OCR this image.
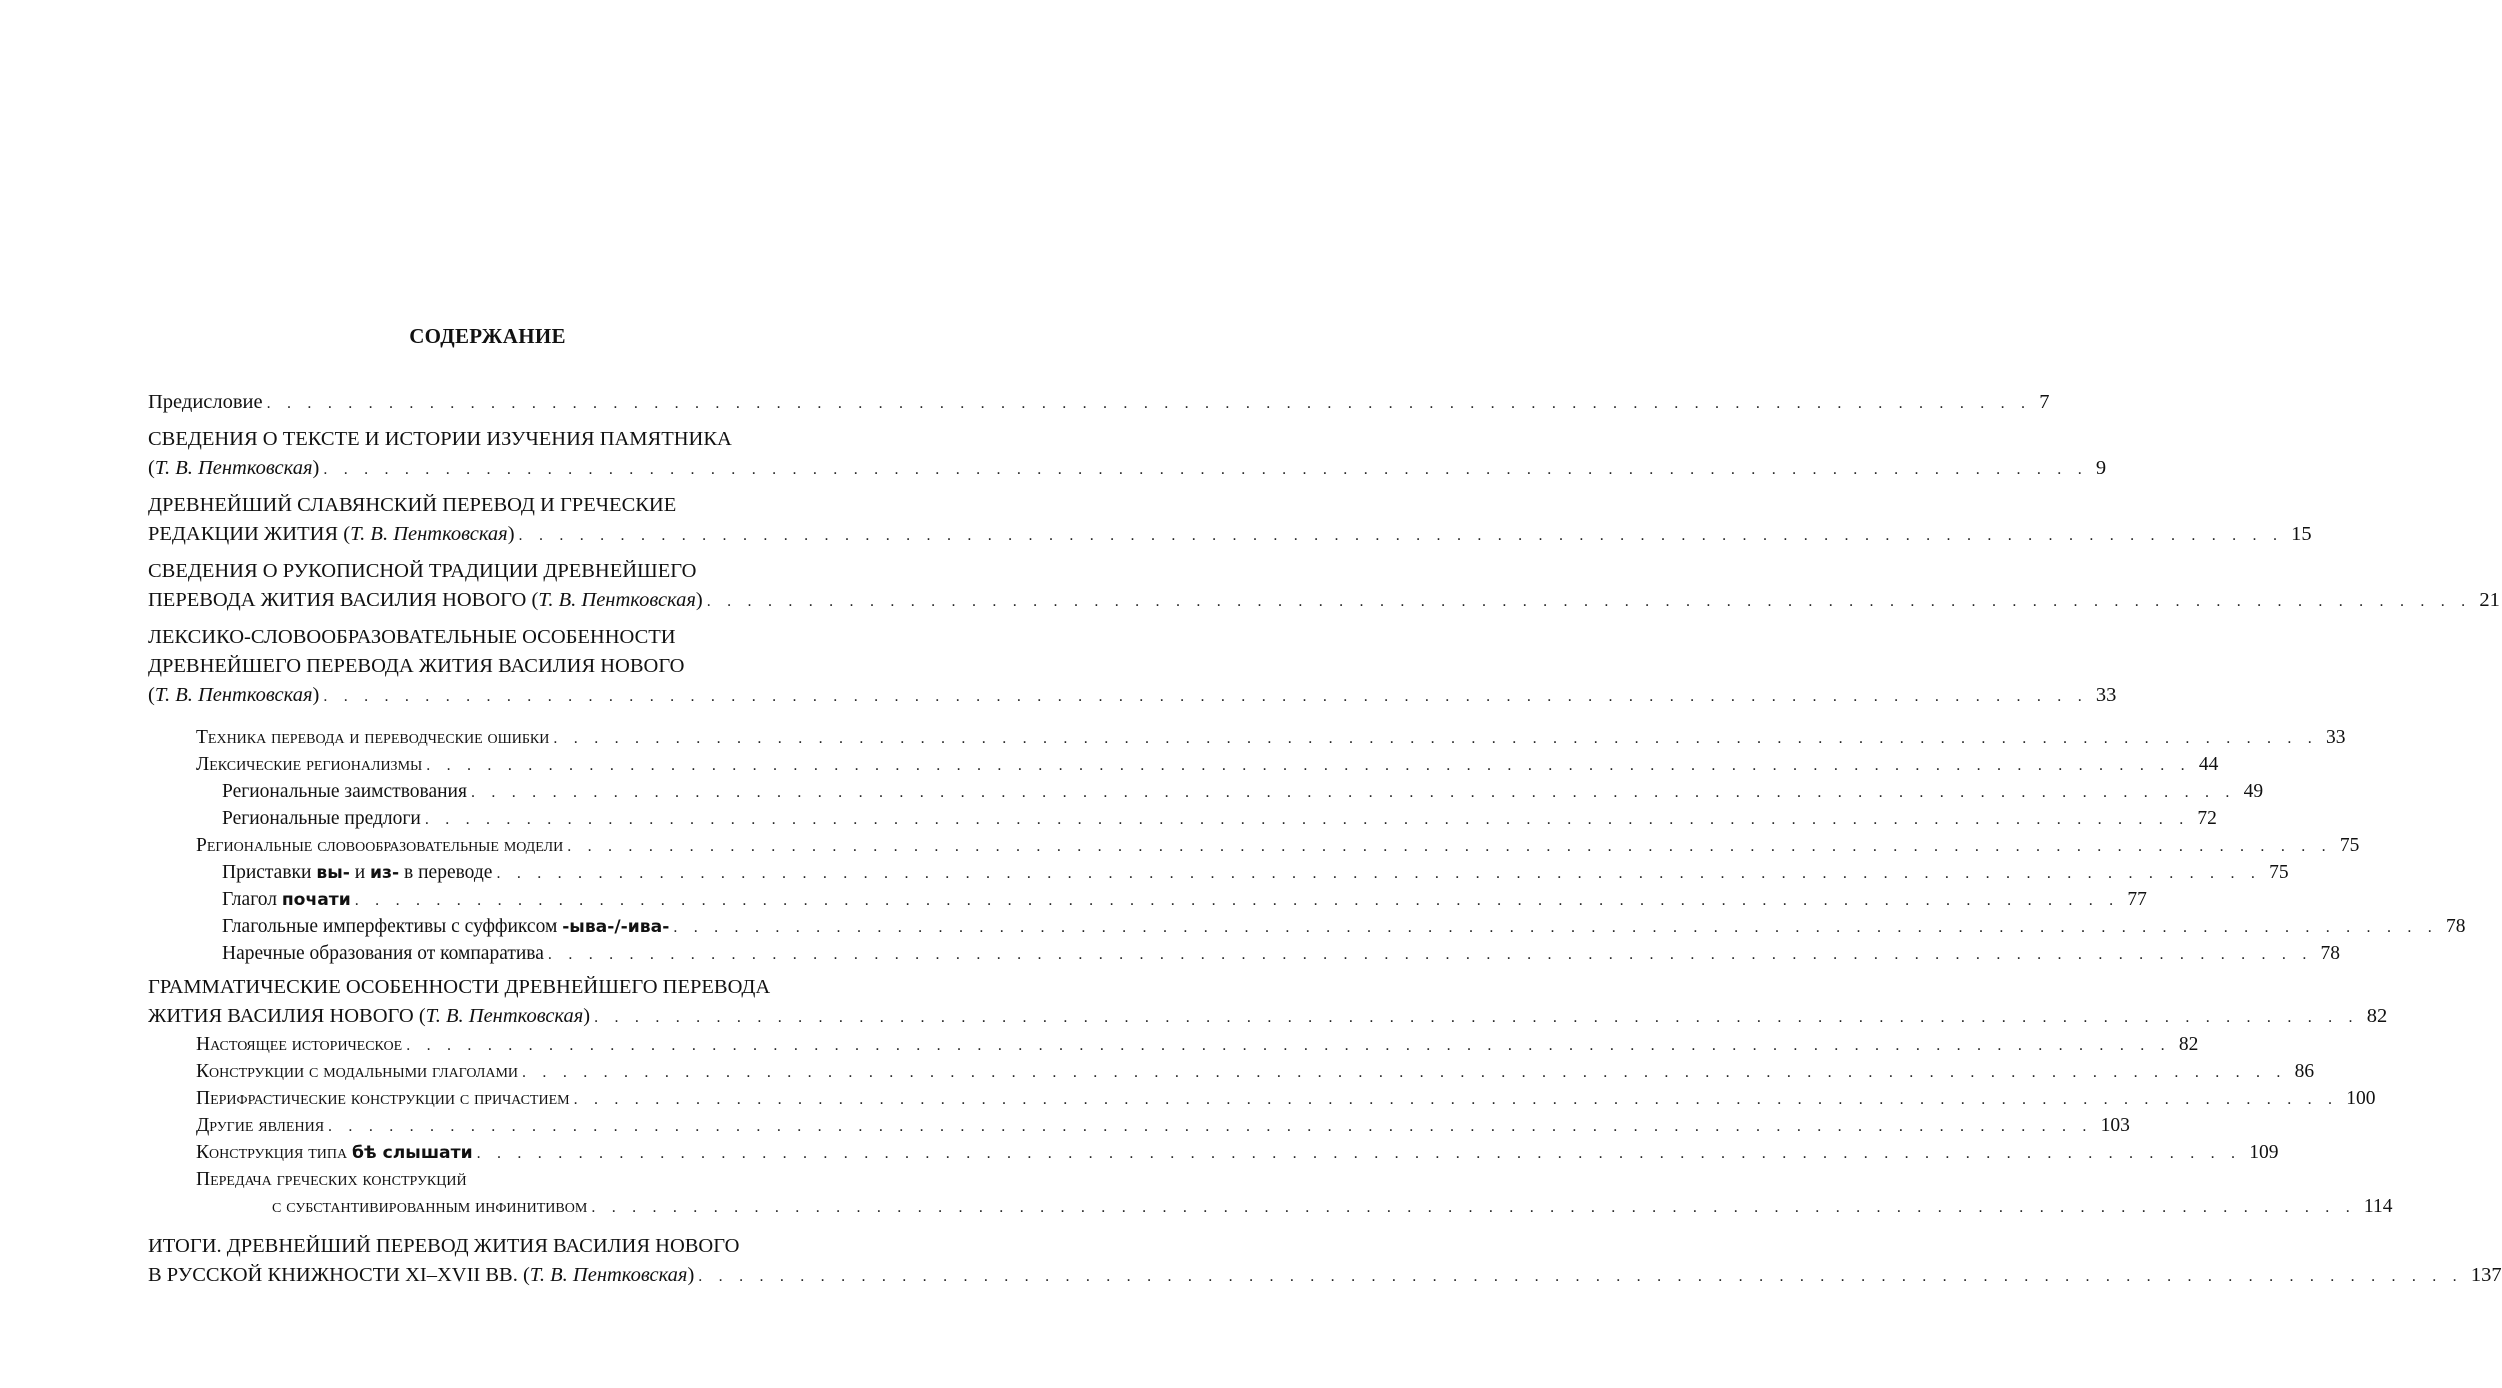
СОДЕРЖАНИЕ
Предисловие . . . . . . . . . . . . . . . . . . . . . . . . . . . . . . . . . . . . . . . . . . . . . . . . . . . . . . . . . . . . . . . . . . . . . . . . . . . . . . . . . . . . . . . 7
СВЕДЕНИЯ О ТЕКСТЕ И ИСТОРИИ ИЗУЧЕНИЯ ПАМЯТНИКА
(Т. В. Пентковская) . . . . . . . . . . . . . . . . . . . . . . . . . . . . . . . . . . . . . . . . . . . . . . . . . . . . . . . . . . . . . . . . . . . . . . . . . . . . . . . . . . . . . . . 9
ДРЕВНЕЙШИЙ СЛАВЯНСКИЙ ПЕРЕВОД И ГРЕЧЕСКИЕ
РЕДАКЦИИ ЖИТИЯ (Т. В. Пентковская) . . . . . . . . . . . . . . . . . . . . . . . . . . . . . . . . . . . . . . . . . . . . . . . . . . . . . . . . . . . . . . . . . . . . . . . . . . . . . . . . . . . . . . . 15
СВЕДЕНИЯ О РУКОПИСНОЙ ТРАДИЦИИ ДРЕВНЕЙШЕГО
ПЕРЕВОДА ЖИТИЯ ВАСИЛИЯ НОВОГО (Т. В. Пентковская) . . . . . . . . . . . . . . . . . . . . . . . . . . . . . . . . . . . . . . . . . . . . . . . . . . . . . . . . . . . . . . . . . . . . . . . . . . . . . . . . . . . . . . . 21
ЛЕКСИКО-СЛОВООБРАЗОВАТЕЛЬНЫЕ ОСОБЕННОСТИ
ДРЕВНЕЙШЕГО ПЕРЕВОДА ЖИТИЯ ВАСИЛИЯ НОВОГО
(Т. В. Пентковская) . . . . . . . . . . . . . . . . . . . . . . . . . . . . . . . . . . . . . . . . . . . . . . . . . . . . . . . . . . . . . . . . . . . . . . . . . . . . . . . . . . . . . . . 33
Техника перевода и переводческие ошибки . . . . . . . . . . . . . . . . . . . . . . . . . . . . . . . . . . . . . . . . . . . . . . . . . . . . . . . . . . . . . . . . . . . . . . . . . . . . . . . . . . . . . . . 33
Лексические регионализмы . . . . . . . . . . . . . . . . . . . . . . . . . . . . . . . . . . . . . . . . . . . . . . . . . . . . . . . . . . . . . . . . . . . . . . . . . . . . . . . . . . . . . . . 44
Региональные заимствования . . . . . . . . . . . . . . . . . . . . . . . . . . . . . . . . . . . . . . . . . . . . . . . . . . . . . . . . . . . . . . . . . . . . . . . . . . . . . . . . . . . . . . . 49
Региональные предлоги . . . . . . . . . . . . . . . . . . . . . . . . . . . . . . . . . . . . . . . . . . . . . . . . . . . . . . . . . . . . . . . . . . . . . . . . . . . . . . . . . . . . . . . 72
Региональные словообразовательные модели . . . . . . . . . . . . . . . . . . . . . . . . . . . . . . . . . . . . . . . . . . . . . . . . . . . . . . . . . . . . . . . . . . . . . . . . . . . . . . . . . . . . . . . 75
Приставки вы- и из- в переводе . . . . . . . . . . . . . . . . . . . . . . . . . . . . . . . . . . . . . . . . . . . . . . . . . . . . . . . . . . . . . . . . . . . . . . . . . . . . . . . . . . . . . . . 75
Глагол почати . . . . . . . . . . . . . . . . . . . . . . . . . . . . . . . . . . . . . . . . . . . . . . . . . . . . . . . . . . . . . . . . . . . . . . . . . . . . . . . . . . . . . . . 77
Глагольные имперфективы с суффиксом -ыва-/-ива- . . . . . . . . . . . . . . . . . . . . . . . . . . . . . . . . . . . . . . . . . . . . . . . . . . . . . . . . . . . . . . . . . . . . . . . . . . . . . . . . . . . . . . . 78
Наречные образования от компаратива . . . . . . . . . . . . . . . . . . . . . . . . . . . . . . . . . . . . . . . . . . . . . . . . . . . . . . . . . . . . . . . . . . . . . . . . . . . . . . . . . . . . . . . 78
ГРАММАТИЧЕСКИЕ ОСОБЕННОСТИ ДРЕВНЕЙШЕГО ПЕРЕВОДА
ЖИТИЯ ВАСИЛИЯ НОВОГО (Т. В. Пентковская) . . . . . . . . . . . . . . . . . . . . . . . . . . . . . . . . . . . . . . . . . . . . . . . . . . . . . . . . . . . . . . . . . . . . . . . . . . . . . . . . . . . . . . . 82
Настоящее историческое . . . . . . . . . . . . . . . . . . . . . . . . . . . . . . . . . . . . . . . . . . . . . . . . . . . . . . . . . . . . . . . . . . . . . . . . . . . . . . . . . . . . . . . 82
Конструкции с модальными глаголами . . . . . . . . . . . . . . . . . . . . . . . . . . . . . . . . . . . . . . . . . . . . . . . . . . . . . . . . . . . . . . . . . . . . . . . . . . . . . . . . . . . . . . . 86
Перифрастические конструкции с причастием . . . . . . . . . . . . . . . . . . . . . . . . . . . . . . . . . . . . . . . . . . . . . . . . . . . . . . . . . . . . . . . . . . . . . . . . . . . . . . . . . . . . . . . 100
Другие явления . . . . . . . . . . . . . . . . . . . . . . . . . . . . . . . . . . . . . . . . . . . . . . . . . . . . . . . . . . . . . . . . . . . . . . . . . . . . . . . . . . . . . . . 103
Конструкция типа бѣ слышати . . . . . . . . . . . . . . . . . . . . . . . . . . . . . . . . . . . . . . . . . . . . . . . . . . . . . . . . . . . . . . . . . . . . . . . . . . . . . . . . . . . . . . . 109
Передача греческих конструкций
с субстантивированным инфинитивом . . . . . . . . . . . . . . . . . . . . . . . . . . . . . . . . . . . . . . . . . . . . . . . . . . . . . . . . . . . . . . . . . . . . . . . . . . . . . . . . . . . . . . . 114
ИТОГИ. ДРЕВНЕЙШИЙ ПЕРЕВОД ЖИТИЯ ВАСИЛИЯ НОВОГО
В РУССКОЙ КНИЖНОСТИ XI–XVII ВВ. (Т. В. Пентковская) . . . . . . . . . . . . . . . . . . . . . . . . . . . . . . . . . . . . . . . . . . . . . . . . . . . . . . . . . . . . . . . . . . . . . . . . . . . . . . . . . . . . . . . 137
